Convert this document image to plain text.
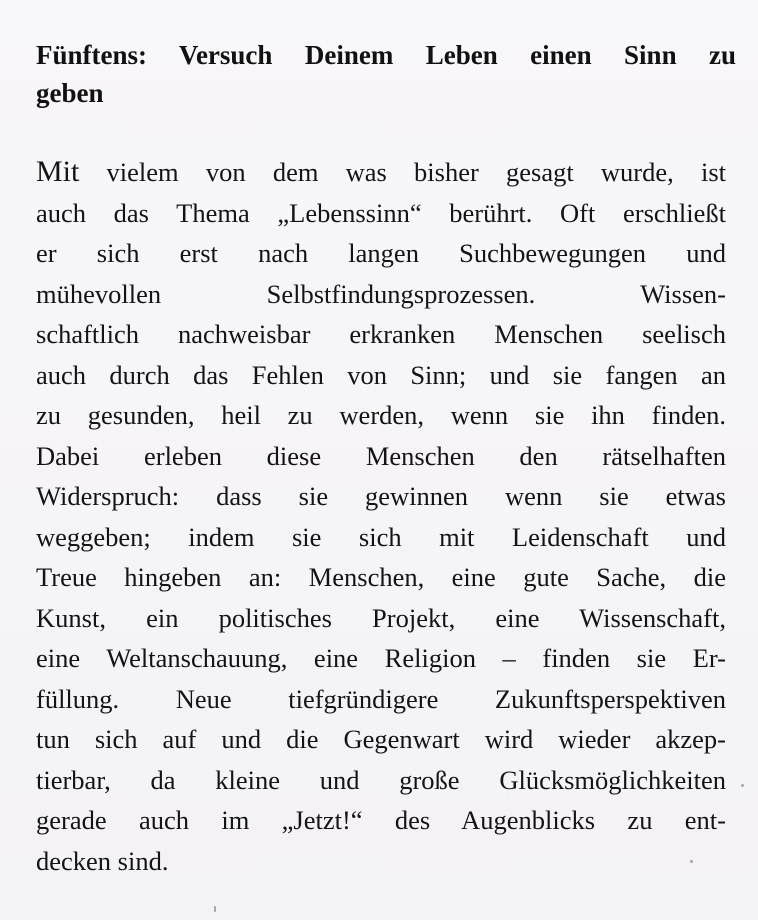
Fünftens: Versuch Deinem Leben einen Sinn zu
geben
Mit vielem von dem was bisher gesagt wurde, ist
auch das Thema „Lebenssinn“ berührt. Oft erschließt
er sich erst nach langen Suchbewegungen und
mühevollen Selbstfindungsprozessen. Wissen-
schaftlich nachweisbar erkranken Menschen seelisch
auch durch das Fehlen von Sinn; und sie fangen an
zu gesunden, heil zu werden, wenn sie ihn finden.
Dabei erleben diese Menschen den rätselhaften
Widerspruch: dass sie gewinnen wenn sie etwas
weggeben; indem sie sich mit Leidenschaft und
Treue hingeben an: Menschen, eine gute Sache, die
Kunst, ein politisches Projekt, eine Wissenschaft,
eine Weltanschauung, eine Religion – finden sie Er-
füllung. Neue tiefgründigere Zukunftsperspektiven
tun sich auf und die Gegenwart wird wieder akzep-
tierbar, da kleine und große Glücksmöglichkeiten
gerade auch im „Jetzt!“ des Augenblicks zu ent-
decken sind.
